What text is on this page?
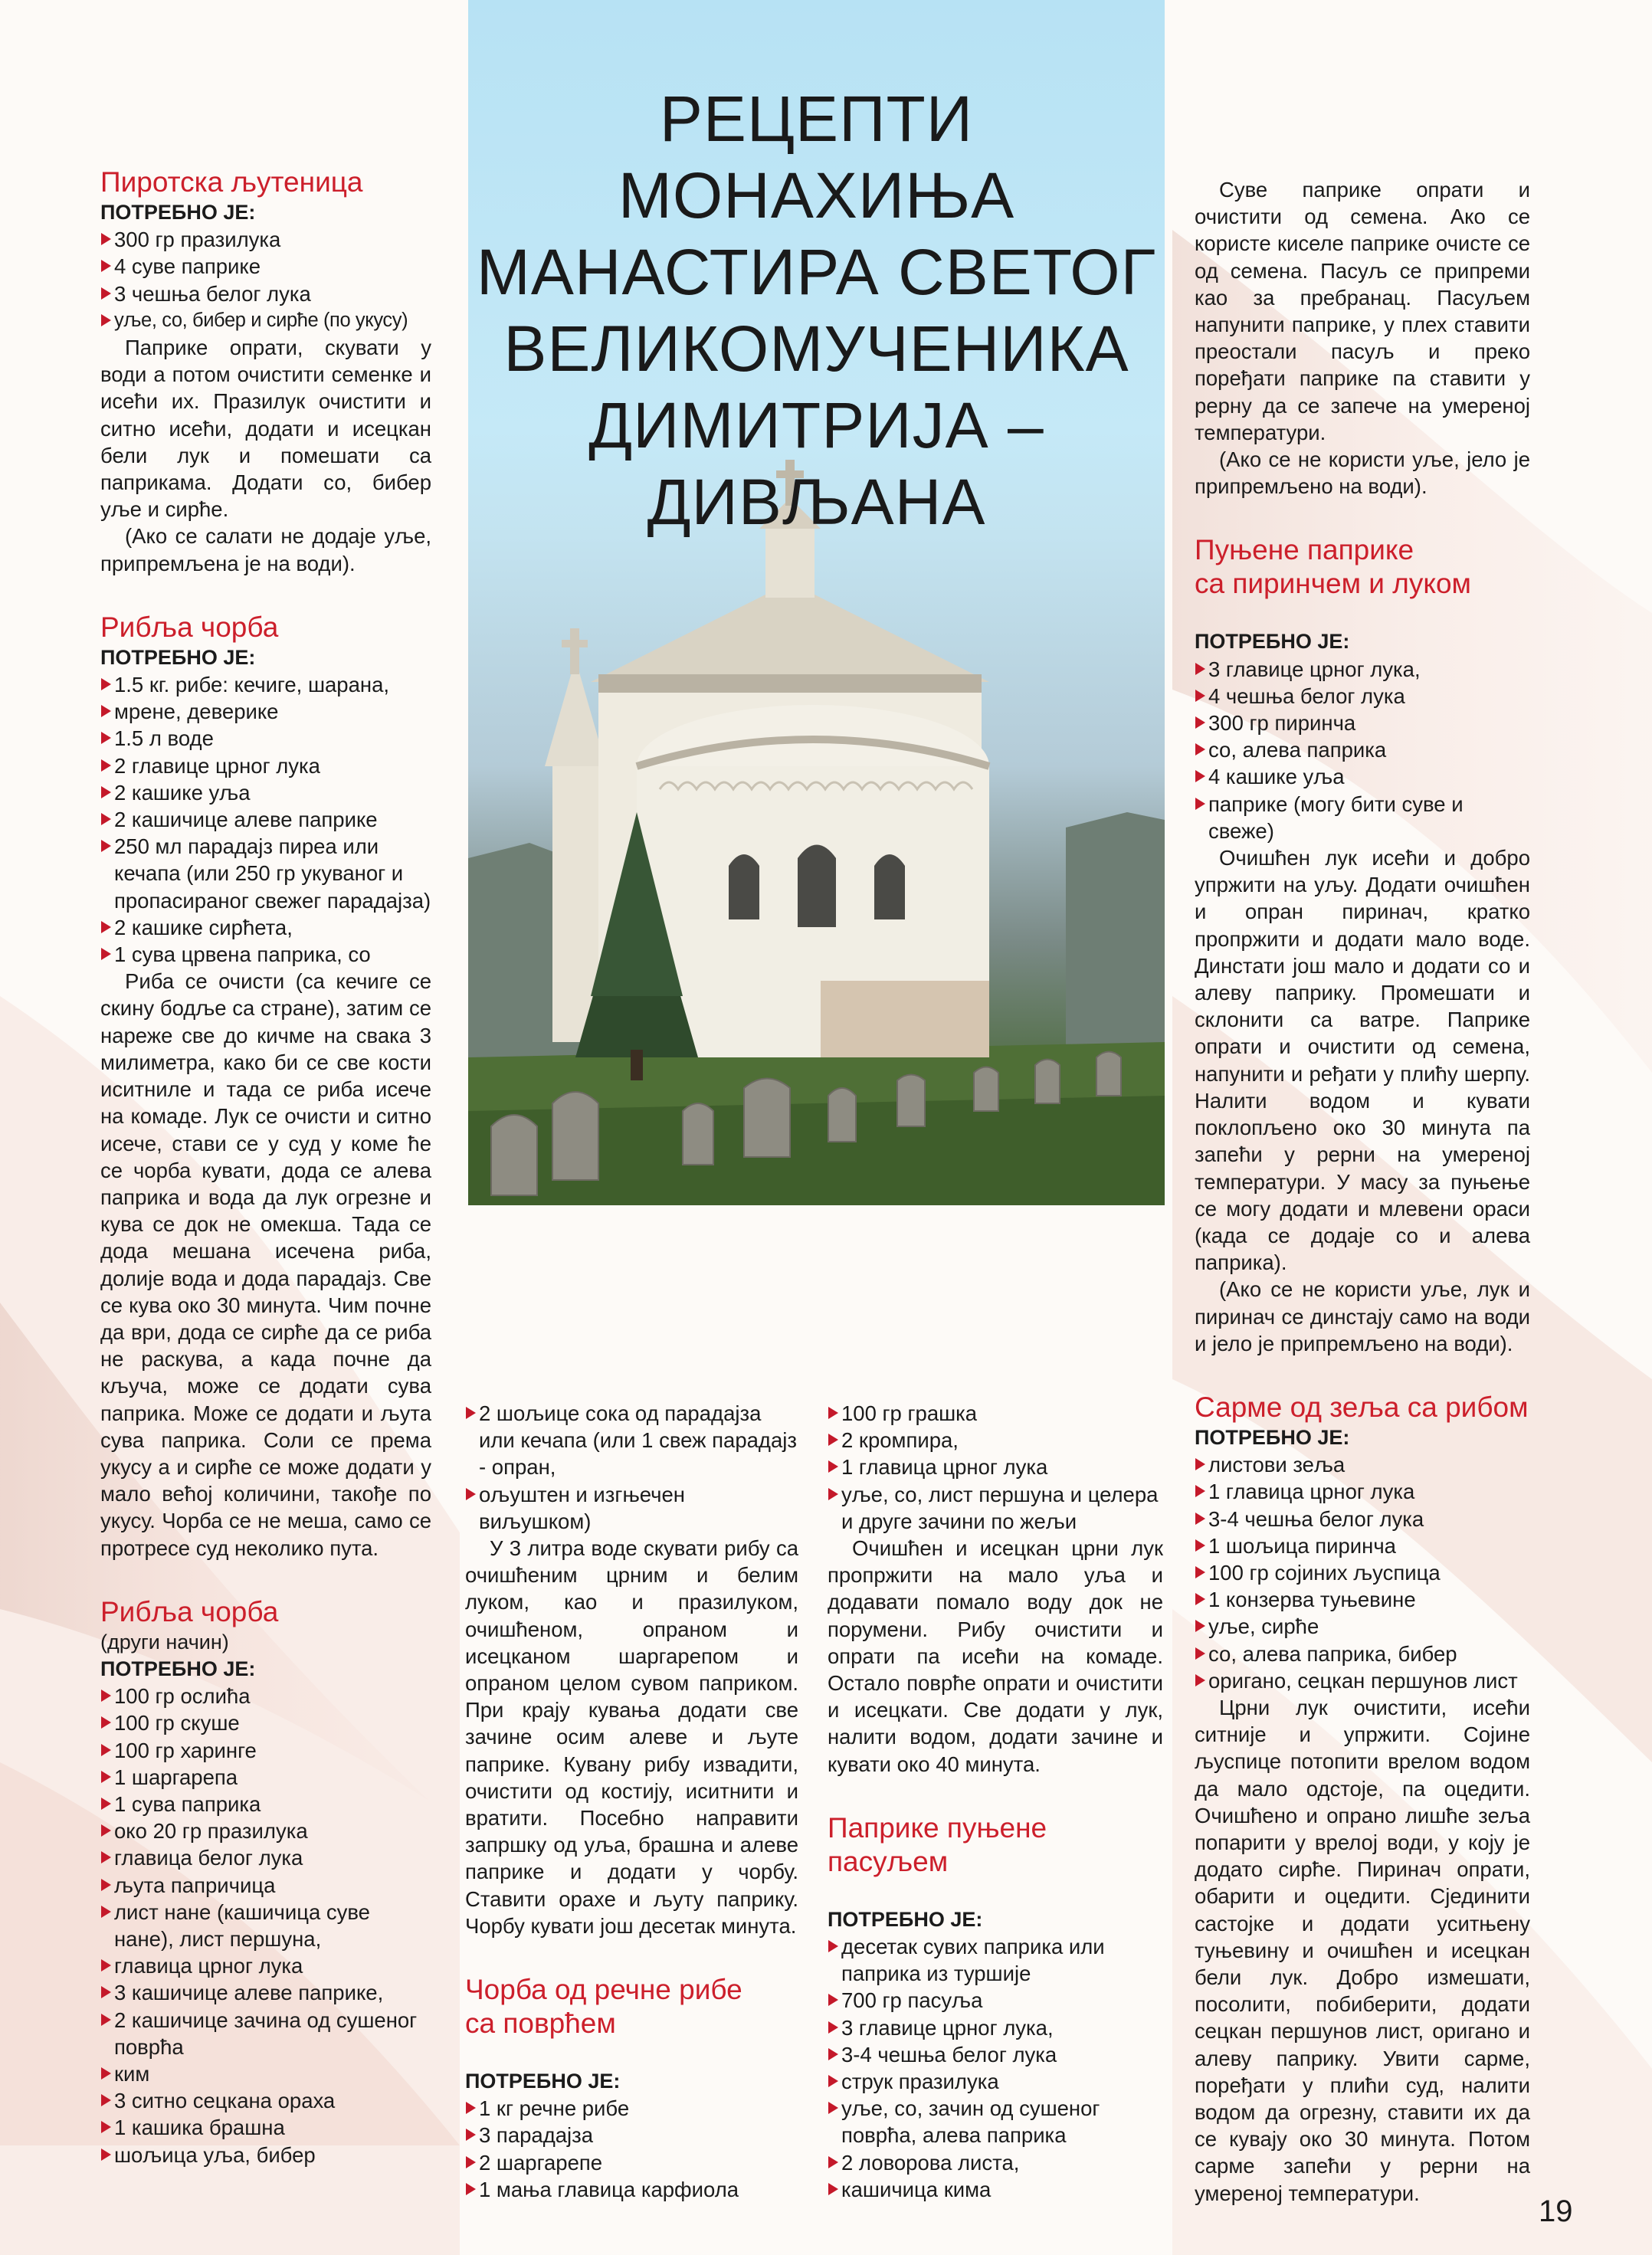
РЕЦЕПТИ МОНАХИЊА
МАНАСТИРА СВЕТОГ
ВЕЛИКОМУЧЕНИКА
ДИМИТРИЈА –
ДИВЉАНА
Пиротска љутеница
ПОТРЕБНО ЈЕ:
300 гр празилука
4 суве паприке
3 чешња белог лука
уље, со, бибер и сирће (по укусу)

Паприке опрати, скувати у води а потом очистити семенке и исећи их. Празилук очистити и ситно исећи, додати и исецкан бели лук и помешати са паприкама. Додати со, бибер уље и сирће.

(Ако се салати не додаје уље, припремљена је на води).

Рибља чорба
ПОТРЕБНО ЈЕ:
1.5 кг. рибе: кечиге, шарана,
мрене, деверике
1.5 л воде
2 главице црног лука
2 кашике уља
2 кашичице алеве паприке
250 мл парадајз пиреа или кечапа (или 250 гр укуваног и пропасираног свежег парадајза)
2 кашике сирћета,
1 сува црвена паприка, со

Риба се очисти (са кечиге се скину бодље са стране), затим се нареже све до кичме на свака 3 милиметра, како би се све кости иситниле и тада се риба исече на комаде. Лук се очисти и ситно исече, стави се у суд у коме ће се чорба кувати, дода се алева паприка и вода да лук огрезне и кува се док не омекша. Тада се дода мешана исечена риба, долије вода и дода парадајз. Све се кува око 30 минута. Чим почне да ври, дода се сирће да се риба не раскува, а када почне да кључа, може се додати сува паприка. Може се додати и љута сува паприка. Соли се према укусу а и сирће се може додати у мало већој количини, такође по укусу. Чорба се не меша, само се протресе суд неколико пута.

Рибља чорба
(други начин)
ПОТРЕБНО ЈЕ:
100 гр ослића
100 гр скуше
100 гр харинге
1 шаргарепа
1 сува паприка
око 20 гр празилука
главица белог лука
љута папричица
лист нане (кашичица суве нане), лист першуна,
главица црног лука
3 кашичице алеве паприке,
2 кашичице зачина од сушеног поврћа
ким
3 ситно сецкана ораха
1 кашика брашна
шољица уља, бибер
2 шољице сока од парадајза или кечапа (или 1 свеж парадајз - опран,
ољуштен и изгњечен виљушком)

У 3 литра воде скувати рибу са очишћеним црним и белим луком, као и празилуком, очишћеном, опраном и исецканом шаргарепом и опраном целом сувом паприком. При крају кувања додати све зачине осим алеве и љуте паприке. Кувану рибу извадити, очистити од костију, иситнити и вратити. Посебно направити запршку од уља, брашна и алеве паприке и додати у чорбу. Ставити орахе и љуту паприку. Чорбу кувати још десетак минута.

Чорба од речне рибе
са поврћем
ПОТРЕБНО ЈЕ:
1 кг речне рибе
3 парадајза
2 шаргарепе
1 мања главица карфиола
100 гр грашка
2 кромпира,
1 главица црног лука
уље, со, лист першуна и целера и друге зачини по жељи

Очишћен и исецкан црни лук пропржити на мало уља и додавати помало воду док не порумени. Рибу очистити и опрати па исећи на комаде. Остало поврће опрати и очистити и исецкати. Све додати у лук, налити водом, додати зачине и кувати око 40 минута.

Паприке пуњене
пасуљем
ПОТРЕБНО ЈЕ:
десетак сувих паприка или паприка из туршије
700 гр пасуља
3 главице црног лука,
3-4 чешња белог лука
струк празилука
уље, со, зачин од сушеног поврћа, алева паприка
2 ловорова листа,
кашичица кима

Суве паприке опрати и очистити од семена. Ако се користе киселе паприке очисте се од семена. Пасуљ се припреми као за пребранац. Пасуљем напунити паприке, у плех ставити преостали пасуљ и преко поређати паприке па ставити у рерну да се запече на умереној температури.

(Ако се не користи уље, јело је припремљено на води).

Пуњене паприке
са пиринчем и луком
ПОТРЕБНО ЈЕ:
3 главице црног лука,
4 чешња белог лука
300 гр пиринча
со, алева паприка
4 кашике уља
паприке (могу бити суве и свеже)

Очишћен лук исећи и добро упржити на уљу. Додати очишћен и опран пиринач, кратко пропржити и додати мало воде. Динстати још мало и додати со и алеву паприку. Промешати и склонити са ватре. Паприке опрати и очистити од семена, напунити и ређати у плићу шерпу. Налити водом и кувати поклопљено око 30 минута па запећи у рерни на умереној температури. У масу за пуњење се могу додати и млевени ораси (када се додаје со и алева паприка).

(Ако се не користи уље, лук и пиринач се динстају само на води и јело је припремљено на води).

Сарме од зеља са рибом
ПОТРЕБНО ЈЕ:
листови зеља
1 главица црног лука
3-4 чешња белог лука
1 шољица пиринча
100 гр сојиних љуспица
1 конзерва туњевине
уље, сирће
со, алева паприка, бибер
оригано, сецкан першунов лист

Црни лук очистити, исећи ситније и упржити. Сојине љуспице потопити врелом водом да мало одстоје, па оцедити. Очишћено и опрано лишће зеља попарити у врелој води, у коју је додато сирће. Пиринач опрати, обарити и оцедити. Сјединити састојке и додати уситњену туњевину и очишћен и исецкан бели лук. Добро измешати, посолити, побиберити, додати сецкан першунов лист, оригано и алеву паприку. Увити сарме, поређати у плићи суд, налити водом да огрезну, ставити их да се кувају око 30 минута. Потом сарме запећи у рерни на умереној температури.

19
